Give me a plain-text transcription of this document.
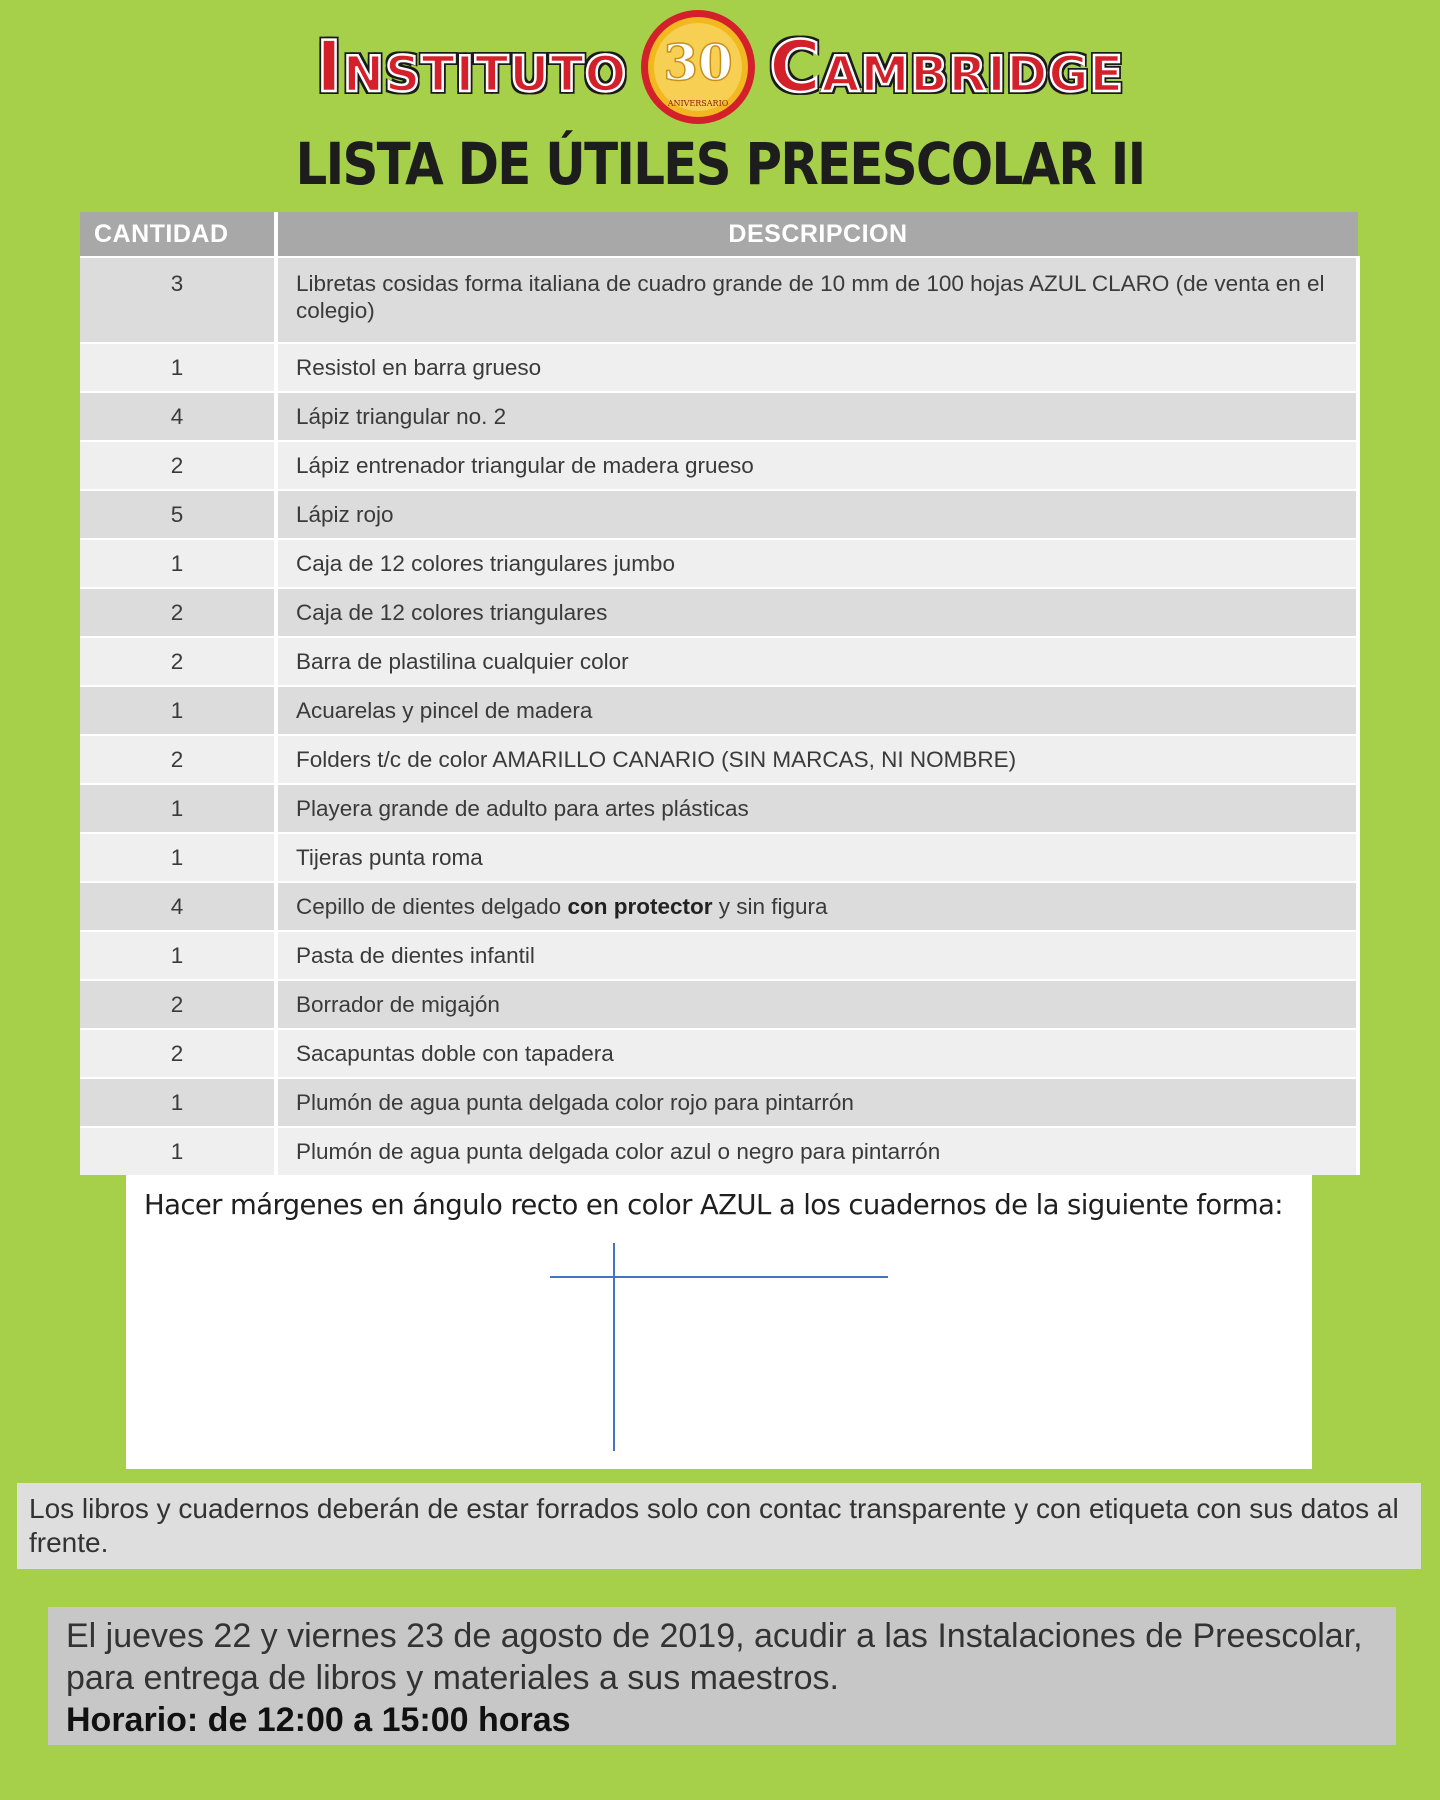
Instituto 30
ANIVERSARIO Cambridge
LISTA DE ÚTILES PREESCOLAR II
CANTIDAD	DESCRIPCION
3	Libretas cosidas forma italiana de cuadro grande de 10 mm de 100 hojas AZUL CLARO (de venta en el colegio)
1	Resistol en barra grueso
4	Lápiz triangular no. 2
2	Lápiz entrenador triangular de madera grueso
5	Lápiz rojo
1	Caja de 12 colores triangulares jumbo
2	Caja de 12 colores triangulares
2	Barra de plastilina cualquier color
1	Acuarelas y pincel de madera
2	Folders t/c de color AMARILLO CANARIO (SIN MARCAS, NI NOMBRE)
1	Playera grande de adulto para artes plásticas
1	Tijeras punta roma
4	Cepillo de dientes delgado con protector y sin figura
1	Pasta de dientes infantil
2	Borrador de migajón
2	Sacapuntas doble con tapadera
1	Plumón de agua punta delgada color rojo para pintarrón
1	Plumón de agua punta delgada color azul o negro para pintarrón
Hacer márgenes en ángulo recto en color AZUL a los cuadernos de la siguiente forma:
Los libros y cuadernos deberán de estar forrados solo con contac transparente y con etiqueta con sus datos al frente.
El jueves 22 y viernes 23 de agosto de 2019, acudir a las Instalaciones de Preescolar, para entrega de libros y materiales a sus maestros.
Horario: de 12:00 a 15:00 horas
